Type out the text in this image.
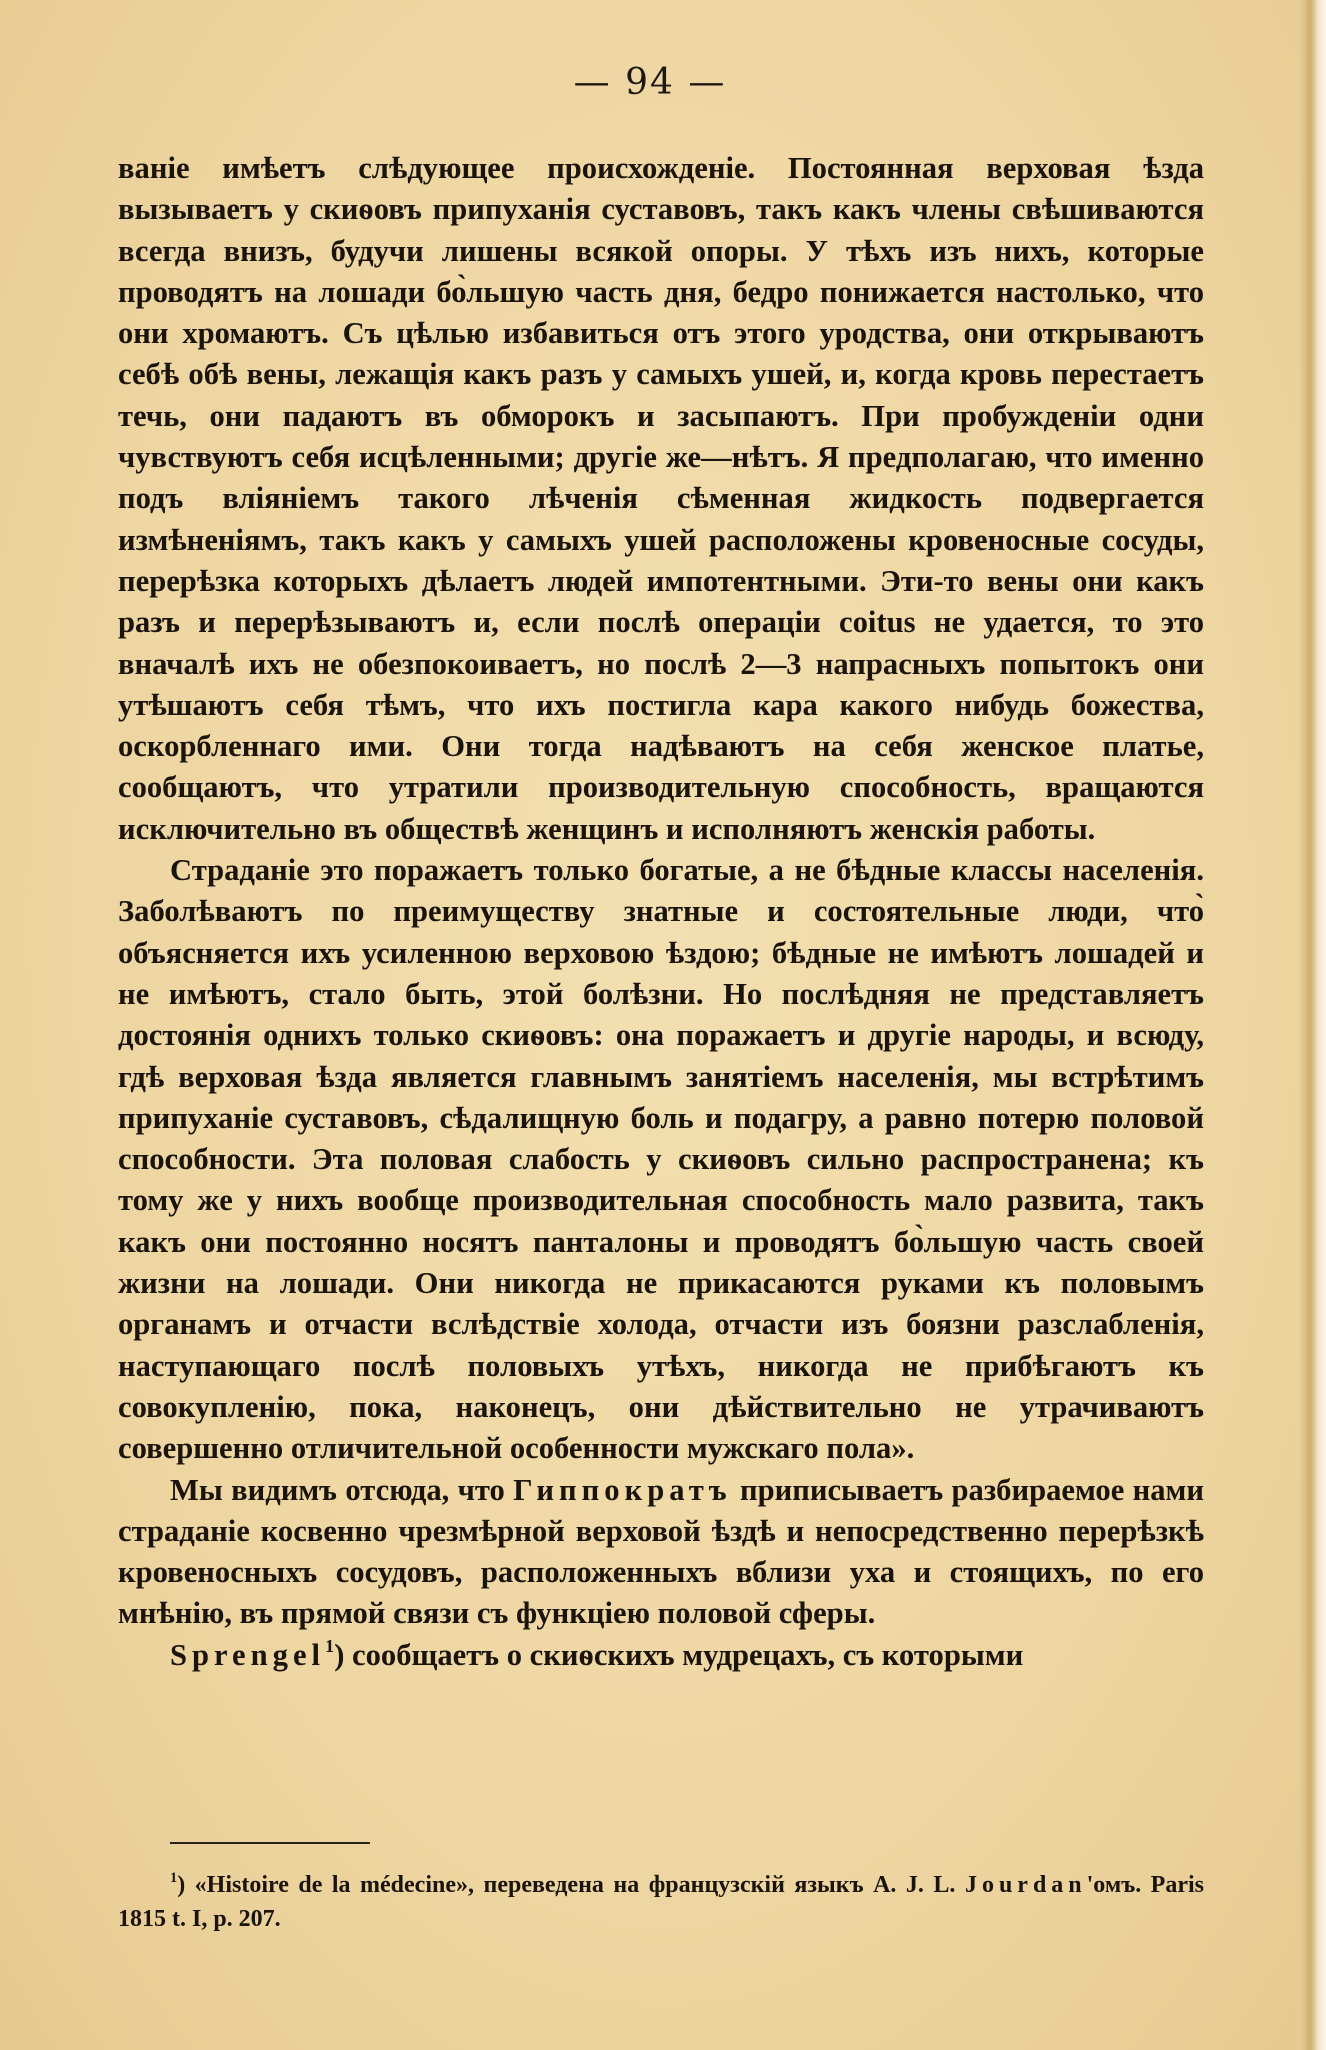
— 94 —

ваніе имѣетъ слѣдующее происхожденіе. Постоянная верховая ѣзда вызываетъ у скиѳовъ припуханія суставовъ, такъ какъ члены свѣшиваются всегда внизъ, будучи лишены всякой опоры. У тѣхъ изъ нихъ, которые проводятъ на лошади бо̀льшую часть дня, бедро понижается настолько, что они хромаютъ. Съ цѣлью избавиться отъ этого уродства, они открываютъ себѣ обѣ вены, лежащія какъ разъ у самыхъ ушей, и, когда кровь перестаетъ течь, они падаютъ въ обморокъ и засыпаютъ. При пробужденіи одни чувствуютъ себя исцѣленными; другіе же—нѣтъ. Я предполагаю, что именно подъ вліяніемъ такого лѣченія сѣменная жидкость подвергается измѣненіямъ, такъ какъ у самыхъ ушей расположены кровеносные сосуды, перерѣзка которыхъ дѣлаетъ людей импотентными. Эти-то вены они какъ разъ и перерѣзываютъ и, если послѣ операціи coitus не удается, то это вначалѣ ихъ не обезпокоиваетъ, но послѣ 2—3 напрасныхъ попытокъ они утѣшаютъ себя тѣмъ, что ихъ постигла кара какого нибудь божества, оскорбленнаго ими. Они тогда надѣваютъ на себя женское платье, сообщаютъ, что утратили производительную способность, вращаются исключительно въ обществѣ женщинъ и исполняютъ женскія работы.

Страданіе это поражаетъ только богатые, а не бѣдные классы населенія. Заболѣваютъ по преимуществу знатные и состоятельные люди, что̀ объясняется ихъ усиленною верховою ѣздою; бѣдные не имѣютъ лошадей и не имѣютъ, стало быть, этой болѣзни. Но послѣдняя не представляетъ достоянія одниxъ только скиѳовъ: она поражаетъ и другіе народы, и всюду, гдѣ верховая ѣзда является главнымъ занятіемъ населенія, мы встрѣтимъ припуханіе суставовъ, сѣдалищную боль и подагру, а равно потерю половой способности. Эта половая слабость у скиѳовъ сильно распространена; къ тому же у нихъ вообще производительная способность мало развита, такъ какъ они постоянно носятъ панталоны и проводятъ бо̀льшую часть своей жизни на лошади. Они никогда не прикасаются руками къ половымъ органамъ и отчасти вслѣдствіе холода, отчасти изъ боязни разслабленія, наступающаго послѣ половыхъ утѣхъ, никогда не прибѣгаютъ къ совокупленію, пока, наконецъ, они дѣйствительно не утрачиваютъ совершенно отличительной особенности мужскаго пола».

Мы видимъ отсюда, что Гиппократъ приписываетъ разбираемое нами страданіе косвенно чрезмѣрной верховой ѣздѣ и непосредственно перерѣзкѣ кровеносныхъ сосудовъ, расположенныхъ вблизи уха и стоящихъ, по его мнѣнію, въ прямой связи съ функціею половой сферы.

Sprengel$^1$) сообщаетъ о скиѳскихъ мудрецахъ, съ которыми

$^1$) «Histoire de la médecine», переведена на французскій языкъ A. J. L. Jourdan'омъ. Paris 1815 t. I, p. 207.
